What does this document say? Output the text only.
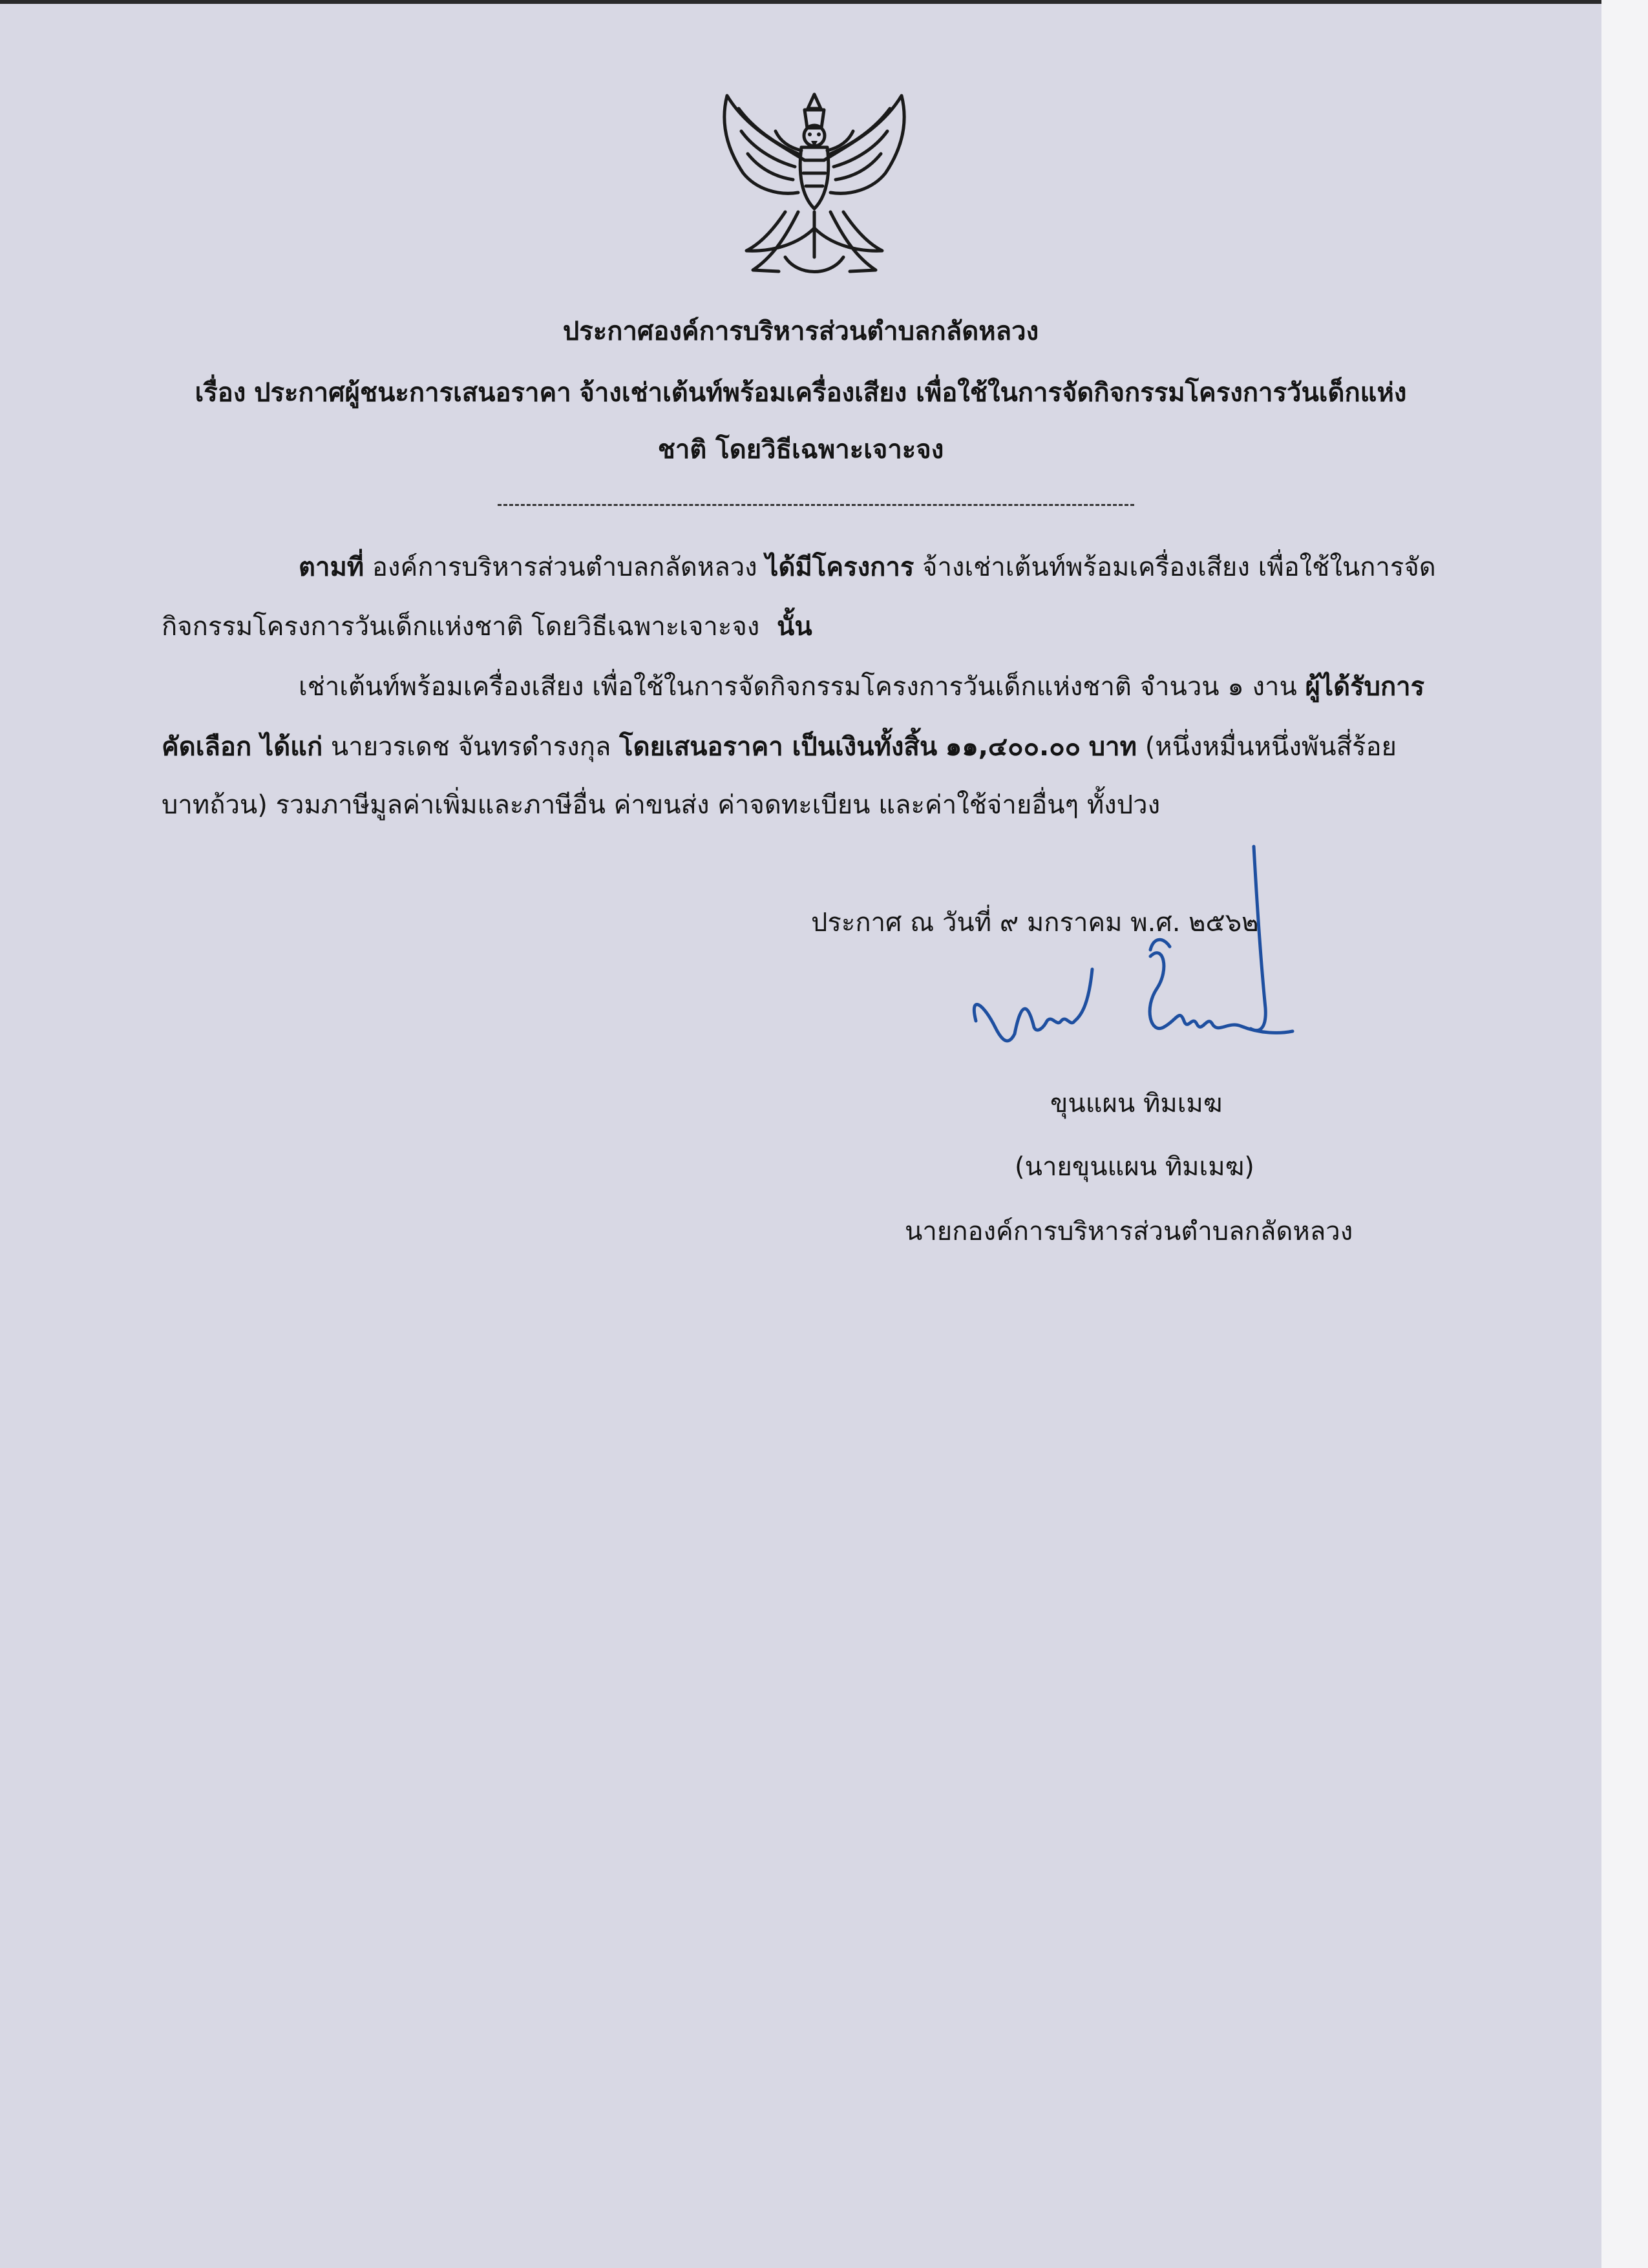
ประกาศองค์การบริหารส่วนตำบลกลัดหลวง
เรื่อง ประกาศผู้ชนะการเสนอราคา จ้างเช่าเต้นท์พร้อมเครื่องเสียง เพื่อใช้ในการจัดกิจกรรมโครงการวันเด็กแห่ง
ชาติ โดยวิธีเฉพาะเจาะจง
ตามที่ องค์การบริหารส่วนตำบลกลัดหลวง ได้มีโครงการ จ้างเช่าเต้นท์พร้อมเครื่องเสียง เพื่อใช้ในการจัด
กิจกรรมโครงการวันเด็กแห่งชาติ โดยวิธีเฉพาะเจาะจง นั้น
เช่าเต้นท์พร้อมเครื่องเสียง เพื่อใช้ในการจัดกิจกรรมโครงการวันเด็กแห่งชาติ จำนวน ๑ งาน ผู้ได้รับการ
คัดเลือก ได้แก่ นายวรเดช จันทรดำรงกุล โดยเสนอราคา เป็นเงินทั้งสิ้น ๑๑,๔๐๐.๐๐ บาท (หนึ่งหมื่นหนึ่งพันสี่ร้อย
บาทถ้วน) รวมภาษีมูลค่าเพิ่มและภาษีอื่น ค่าขนส่ง ค่าจดทะเบียน และค่าใช้จ่ายอื่นๆ ทั้งปวง
ประกาศ ณ วันที่ ๙ มกราคม พ.ศ. ๒๕๖๒
ขุนแผน ทิมเมฆ
(นายขุนแผน ทิมเมฆ)
นายกองค์การบริหารส่วนตำบลกลัดหลวง
